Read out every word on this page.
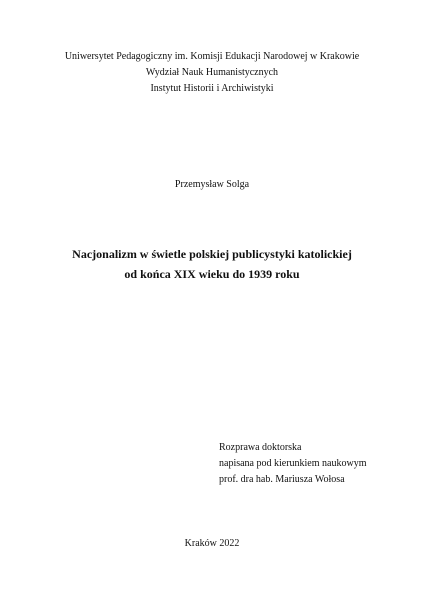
Uniwersytet Pedagogiczny im. Komisji Edukacji Narodowej w Krakowie
Wydział Nauk Humanistycznych
Instytut Historii i Archiwistyki
Przemysław Solga
Nacjonalizm w świetle polskiej publicystyki katolickiej
od końca XIX wieku do 1939 roku
Rozprawa doktorska
napisana pod kierunkiem naukowym
prof. dra hab. Mariusza Wołosa
Kraków 2022
